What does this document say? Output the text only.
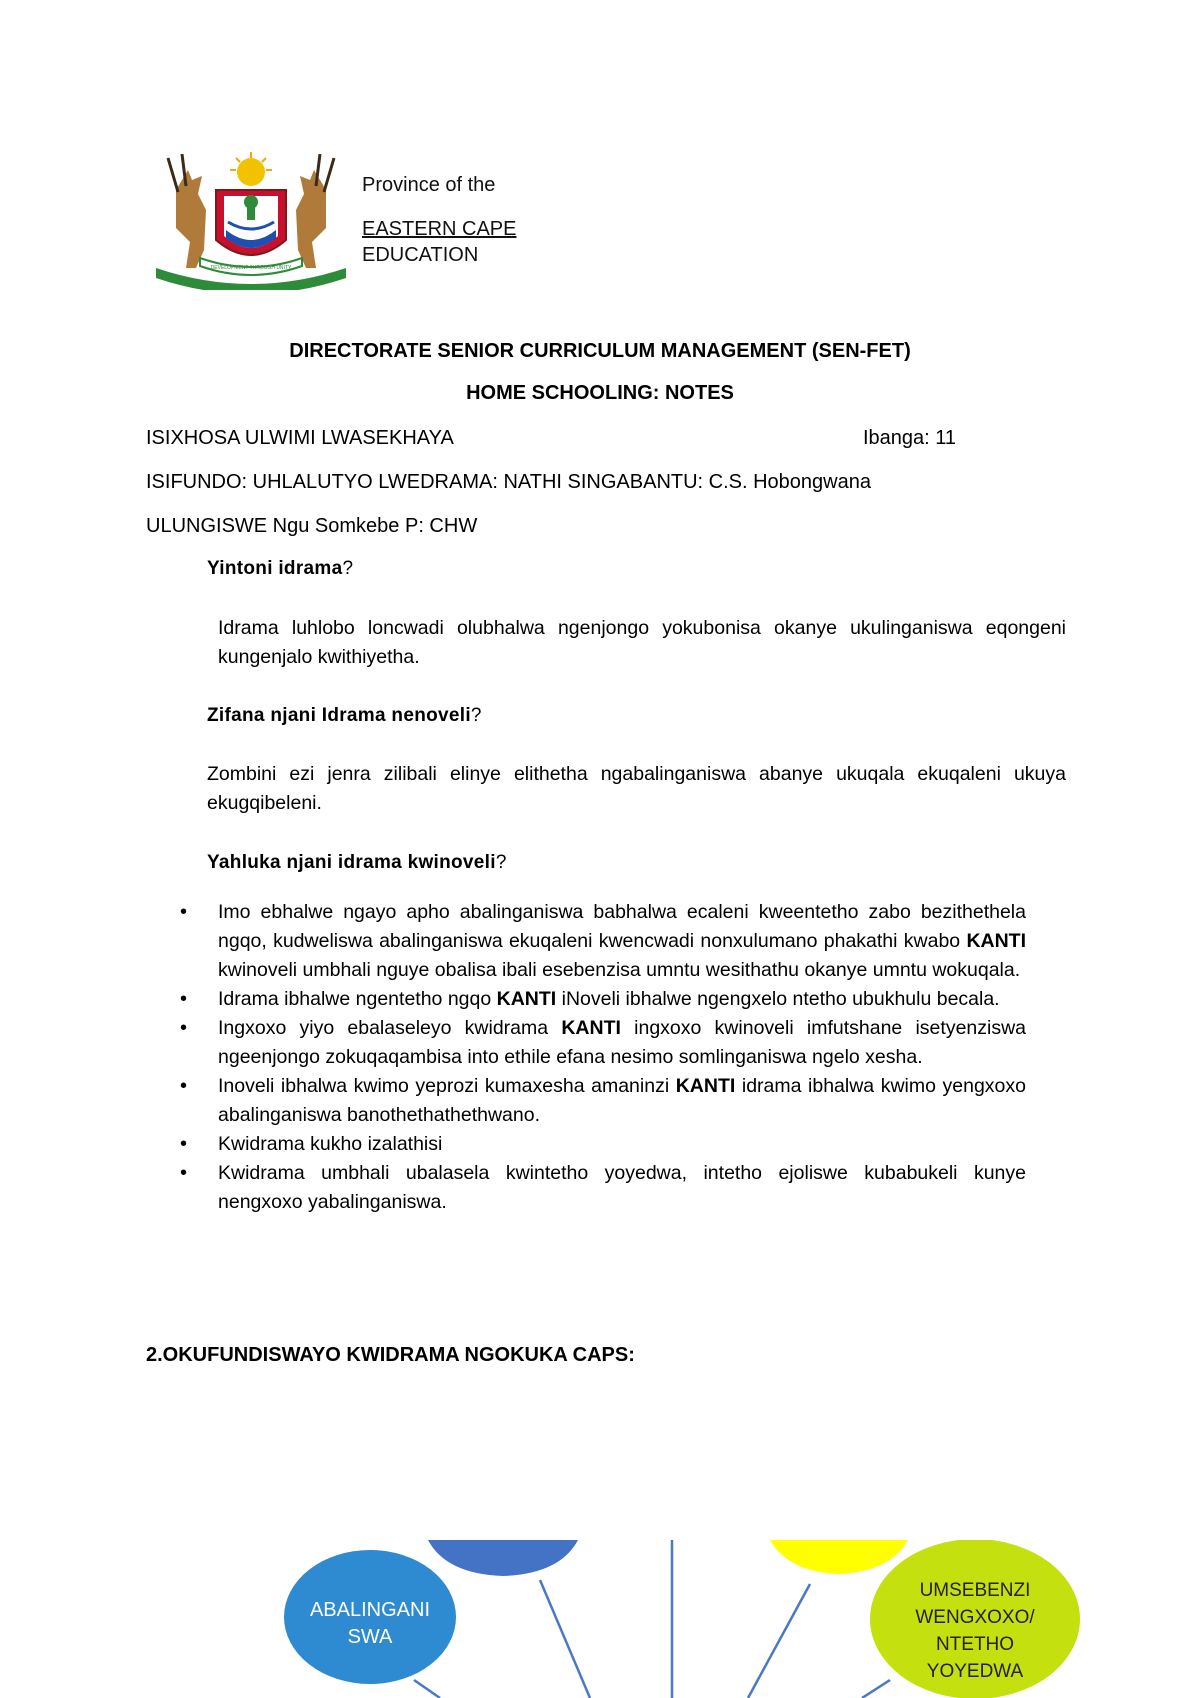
DEVELOPMENT THROUGH UNITY
Province of the
EASTERN CAPE
EDUCATION
DIRECTORATE SENIOR CURRICULUM MANAGEMENT (SEN-FET)
HOME SCHOOLING: NOTES
ISIXHOSA ULWIMI LWASEKHAYA	Ibanga: 11
ISIFUNDO: UHLALUTYO LWEDRAMA: NATHI SINGABANTU: C.S. Hobongwana
ULUNGISWE Ngu Somkebe P: CHW
Yintoni idrama?
Idrama luhlobo loncwadi olubhalwa ngenjongo yokubonisa okanye ukulinganiswa eqongeni kungenjalo kwithiyetha.
Zifana njani Idrama nenoveli?
Zombini ezi jenra zilibali elinye elithetha ngabalinganiswa abanye ukuqala ekuqaleni ukuya ekugqibeleni.
Yahluka njani idrama kwinoveli?
• Imo ebhalwe ngayo apho abalinganiswa babhalwa ecaleni kweentetho zabo bezithethela ngqo, kudweliswa abalinganiswa ekuqaleni kwencwadi nonxulumano phakathi kwabo KANTI kwinoveli umbhali nguye obalisa ibali esebenzisa umntu wesithathu okanye umntu wokuqala.
• Idrama ibhalwe ngentetho ngqo KANTI iNoveli ibhalwe ngengxelo ntetho ubukhulu becala.
• Ingxoxo yiyo ebalaseleyo kwidrama KANTI ingxoxo kwinoveli imfutshane isetyenziswa ngeenjongo zokuqaqambisa into ethile efana nesimo somlinganiswa ngelo xesha.
• Inoveli ibhalwa kwimo yeprozi kumaxesha amaninzi KANTI idrama ibhalwa kwimo yengxoxo abalinganiswa banothethathethwano.
• Kwidrama kukho izalathisi
• Kwidrama umbhali ubalasela kwintetho yoyedwa, intetho ejoliswe kubabukeli kunye nengxoxo yabalinganiswa.
2.OKUFUNDISWAYO KWIDRAMA NGOKUKA CAPS:
ABALINGANI
SWA
UMSEBENZI
WENGXOXO/
NTETHO
YOYEDWA
